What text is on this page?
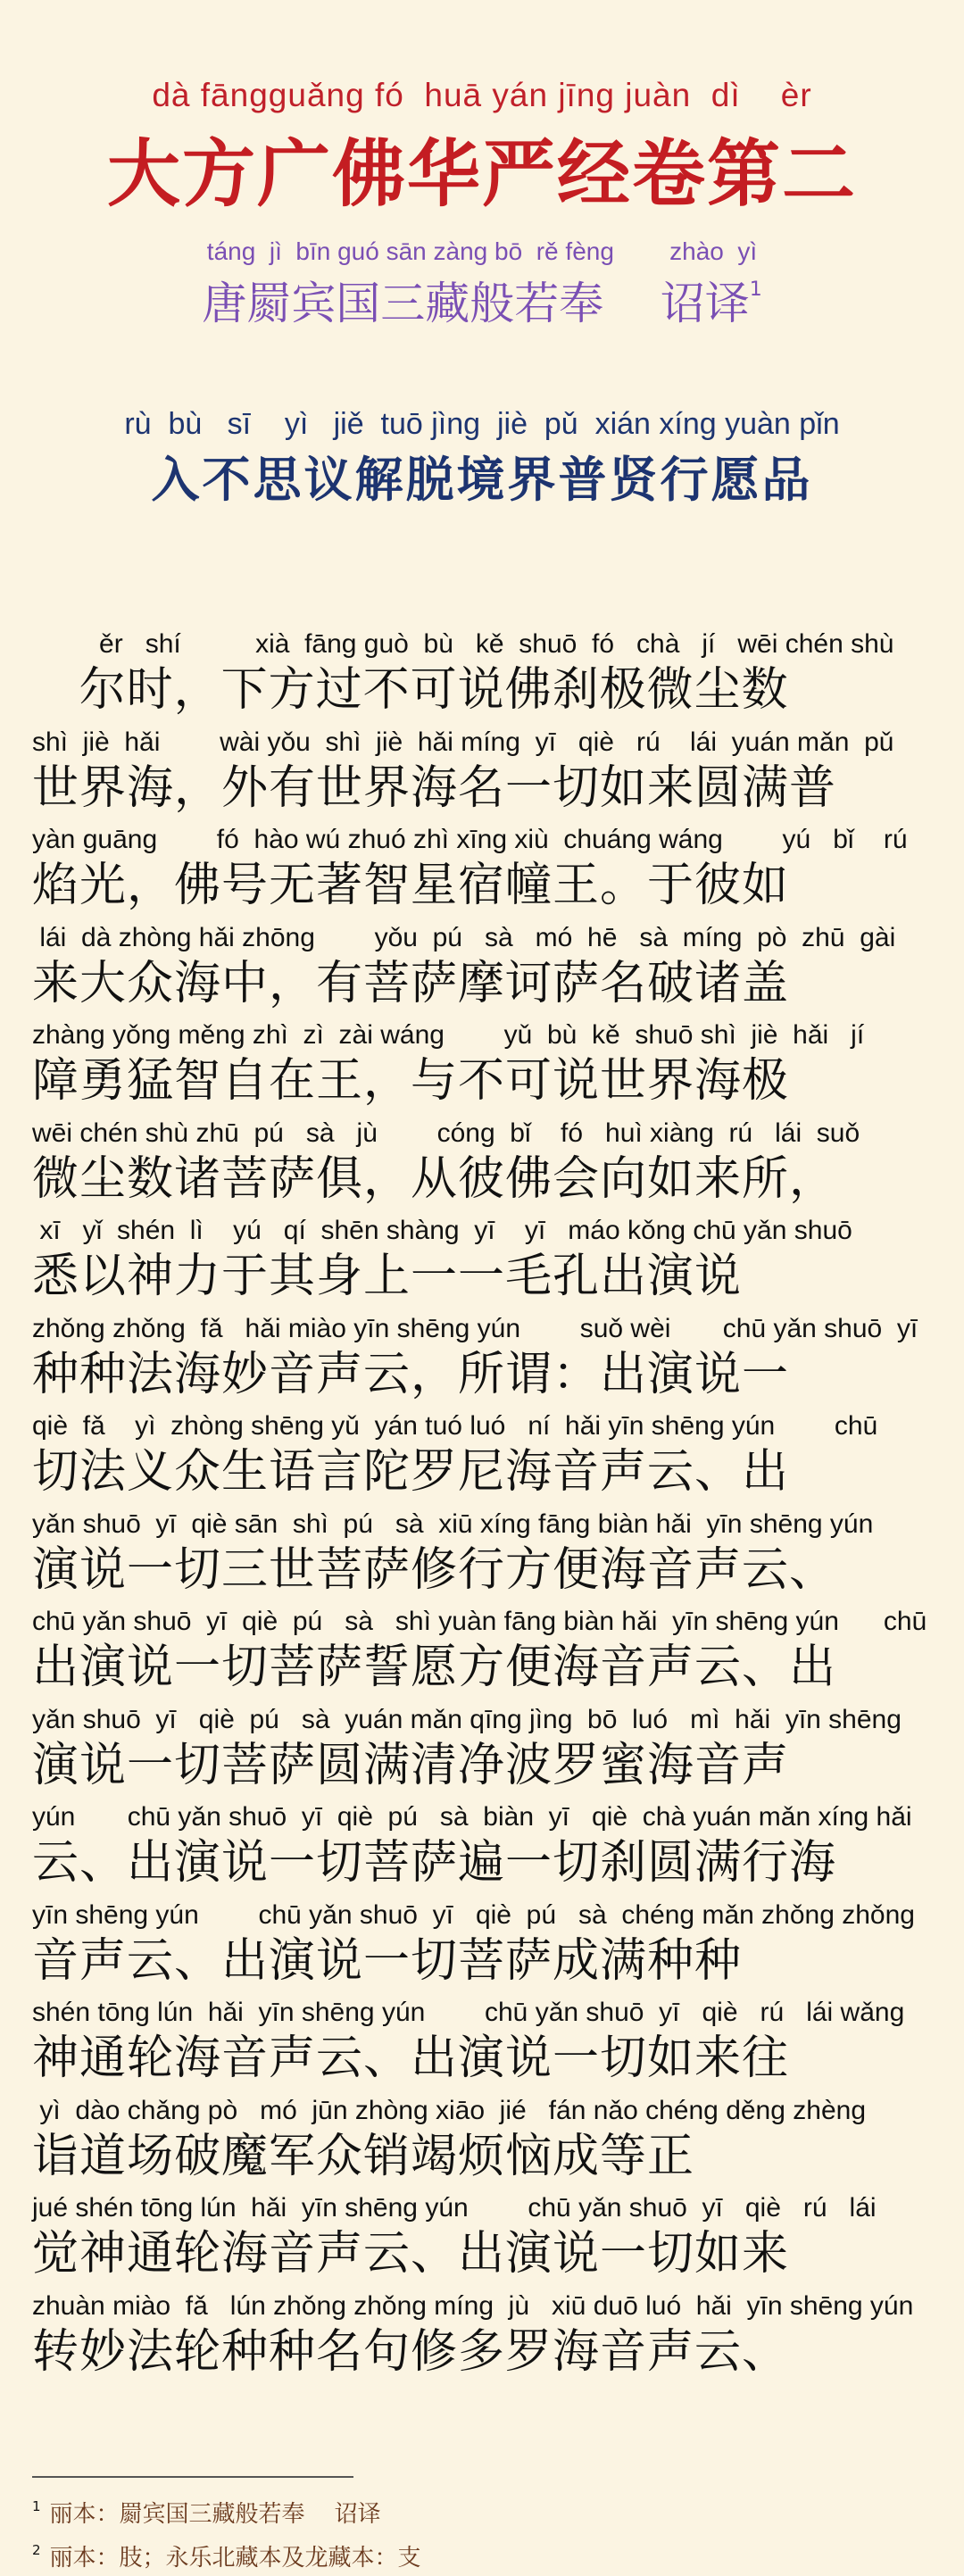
dà fāngguǎng fó  huā yán jīng juàn  dì    èr
大方广佛华严经卷第二
táng  jì  bīn guó sān zàng bō  rě fèng        zhào  yì
唐罽宾国三藏般若奉    诏译$^1$
rù  bù   sī    yì   jiě  tuō jìng  jiè  pǔ  xián xíng yuàn pǐn
入不思议解脱境界普贤行愿品
ěr   shí          xià  fāng guò  bù   kě  shuō  fó   chà   jí   wēi chén shù
尔时，下方过不可说佛刹极微尘数
shì  jiè  hǎi        wài yǒu  shì  jiè  hǎi míng  yī   qiè   rú    lái  yuán mǎn  pǔ
世界海，外有世界海名一切如来圆满普
yàn guāng        fó  hào wú zhuó zhì xīng xiù  chuáng wáng        yú   bǐ    rú
焰光，佛号无著智星宿幢王。于彼如
lái  dà zhòng hǎi zhōng        yǒu  pú   sà   mó  hē   sà  míng  pò  zhū  gài
来大众海中，有菩萨摩诃萨名破诸盖
zhàng yǒng měng zhì  zì  zài wáng        yǔ  bù  kě  shuō shì  jiè  hǎi   jí
障勇猛智自在王，与不可说世界海极
wēi chén shù zhū  pú   sà   jù        cóng  bǐ    fó   huì xiàng  rú   lái  suǒ
微尘数诸菩萨俱，从彼佛会向如来所，
xī   yǐ  shén  lì    yú   qí  shēn shàng  yī    yī   máo kǒng chū yǎn shuō
悉以神力于其身上一一毛孔出演说
zhǒng zhǒng  fǎ   hǎi miào yīn shēng yún        suǒ wèi       chū yǎn shuō  yī
种种法海妙音声云，所谓：出演说一
qiè  fǎ    yì  zhòng shēng yǔ  yán tuó luó   ní  hǎi yīn shēng yún        chū
切法义众生语言陀罗尼海音声云、出
yǎn shuō  yī  qiè sān  shì  pú   sà  xiū xíng fāng biàn hǎi  yīn shēng yún
演说一切三世菩萨修行方便海音声云、
chū yǎn shuō  yī  qiè  pú   sà   shì yuàn fāng biàn hǎi  yīn shēng yún      chū
出演说一切菩萨誓愿方便海音声云、出
yǎn shuō  yī   qiè  pú   sà  yuán mǎn qīng jìng  bō  luó   mì  hǎi  yīn shēng
演说一切菩萨圆满清净波罗蜜海音声
yún       chū yǎn shuō  yī  qiè  pú   sà  biàn  yī   qiè  chà yuán mǎn xíng hǎi
云、出演说一切菩萨遍一切刹圆满行海
yīn shēng yún        chū yǎn shuō  yī   qiè  pú   sà  chéng mǎn zhǒng zhǒng
音声云、出演说一切菩萨成满种种
shén tōng lún  hǎi  yīn shēng yún        chū yǎn shuō  yī   qiè   rú   lái wǎng
神通轮海音声云、出演说一切如来往
yì  dào chǎng pò   mó  jūn zhòng xiāo  jié   fán nǎo chéng děng zhèng
诣道场破魔军众销竭烦恼成等正
jué shén tōng lún  hǎi  yīn shēng yún        chū yǎn shuō  yī   qiè   rú   lái
觉神通轮海音声云、出演说一切如来
zhuàn miào  fǎ   lún zhǒng zhǒng míng  jù   xiū duō luó  hǎi  yīn shēng yún
转妙法轮种种名句修多罗海音声云、
$^1$ 丽本：罽宾国三藏般若奉    诏译
$^2$ 丽本：肢；永乐北藏本及龙藏本：支
